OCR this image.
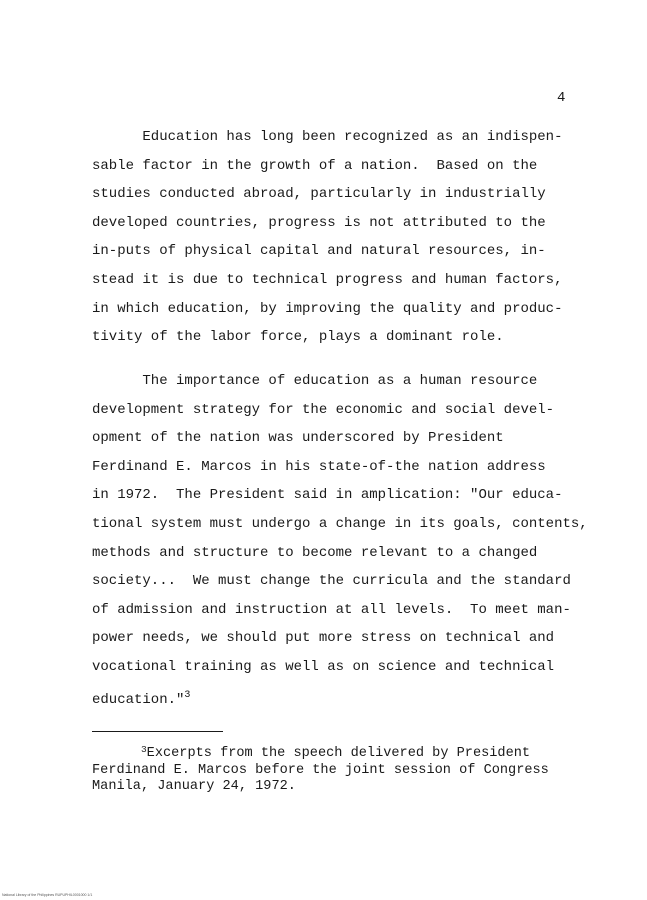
4
Education has long been recognized as an indispen-
sable factor in the growth of a nation.  Based on the
studies conducted abroad, particularly in industrially
developed countries, progress is not attributed to the
in-puts of physical capital and natural resources, in-
stead it is due to technical progress and human factors,
in which education, by improving the quality and produc-
tivity of the labor force, plays a dominant role.
The importance of education as a human resource
development strategy for the economic and social devel-
opment of the nation was underscored by President
Ferdinand E. Marcos in his state-of-the nation address
in 1972.  The President said in amplication: "Our educa-
tional system must undergo a change in its goals, contents,
methods and structure to become relevant to a changed
society...  We must change the curricula and the standard
of admission and instruction at all levels.  To meet man-
power needs, we should put more stress on technical and
vocational training as well as on science and technical
education."$^3$
$^3$Excerpts from the speech delivered by President
Ferdinand E. Marcos before the joint session of Congress
Manila, January 24, 1972.
National Library of the Philippines RUPUPHIL0001000 1/1
